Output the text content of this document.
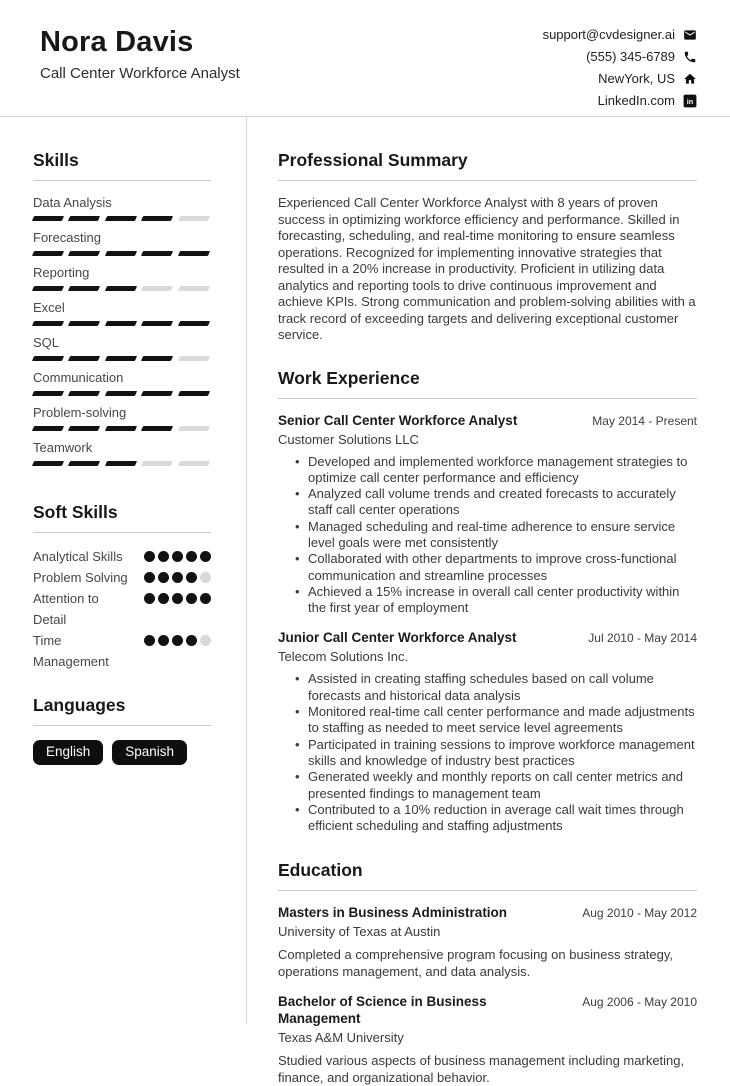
Nora Davis
Call Center Workforce Analyst
support@cvdesigner.ai
(555) 345-6789
NewYork, US
LinkedIn.com in
Skills
Data Analysis
Forecasting
Reporting
Excel
SQL
Communication
Problem-solving
Teamwork
Soft Skills
Analytical Skills
Problem Solving
Attention to Detail
Time Management
Languages
English	Spanish
Professional Summary

Experienced Call Center Workforce Analyst with 8 years of proven success in optimizing workforce efficiency and performance. Skilled in forecasting, scheduling, and real-time monitoring to ensure seamless operations. Recognized for implementing innovative strategies that resulted in a 20% increase in productivity. Proficient in utilizing data analytics and reporting tools to drive continuous improvement and achieve KPIs. Strong communication and problem-solving abilities with a track record of exceeding targets and delivering exceptional customer service.

Work Experience
Senior Call Center Workforce Analyst	May 2014 - Present
Customer Solutions LLC
• Developed and implemented workforce management strategies to optimize call center performance and efficiency
• Analyzed call volume trends and created forecasts to accurately staff call center operations
• Managed scheduling and real-time adherence to ensure service level goals were met consistently
• Collaborated with other departments to improve cross-functional communication and streamline processes
• Achieved a 15% increase in overall call center productivity within the first year of employment
Junior Call Center Workforce Analyst	Jul 2010 - May 2014
Telecom Solutions Inc.
• Assisted in creating staffing schedules based on call volume forecasts and historical data analysis
• Monitored real-time call center performance and made adjustments to staffing as needed to meet service level agreements
• Participated in training sessions to improve workforce management skills and knowledge of industry best practices
• Generated weekly and monthly reports on call center metrics and presented findings to management team
• Contributed to a 10% reduction in average call wait times through efficient scheduling and staffing adjustments
Education
Masters in Business Administration	Aug 2010 - May 2012
University of Texas at Austin

Completed a comprehensive program focusing on business strategy, operations management, and data analysis.

Bachelor of Science in Business Management
Aug 2006 - May 2010
Texas A&M University

Studied various aspects of business management including marketing, finance, and organizational behavior.
